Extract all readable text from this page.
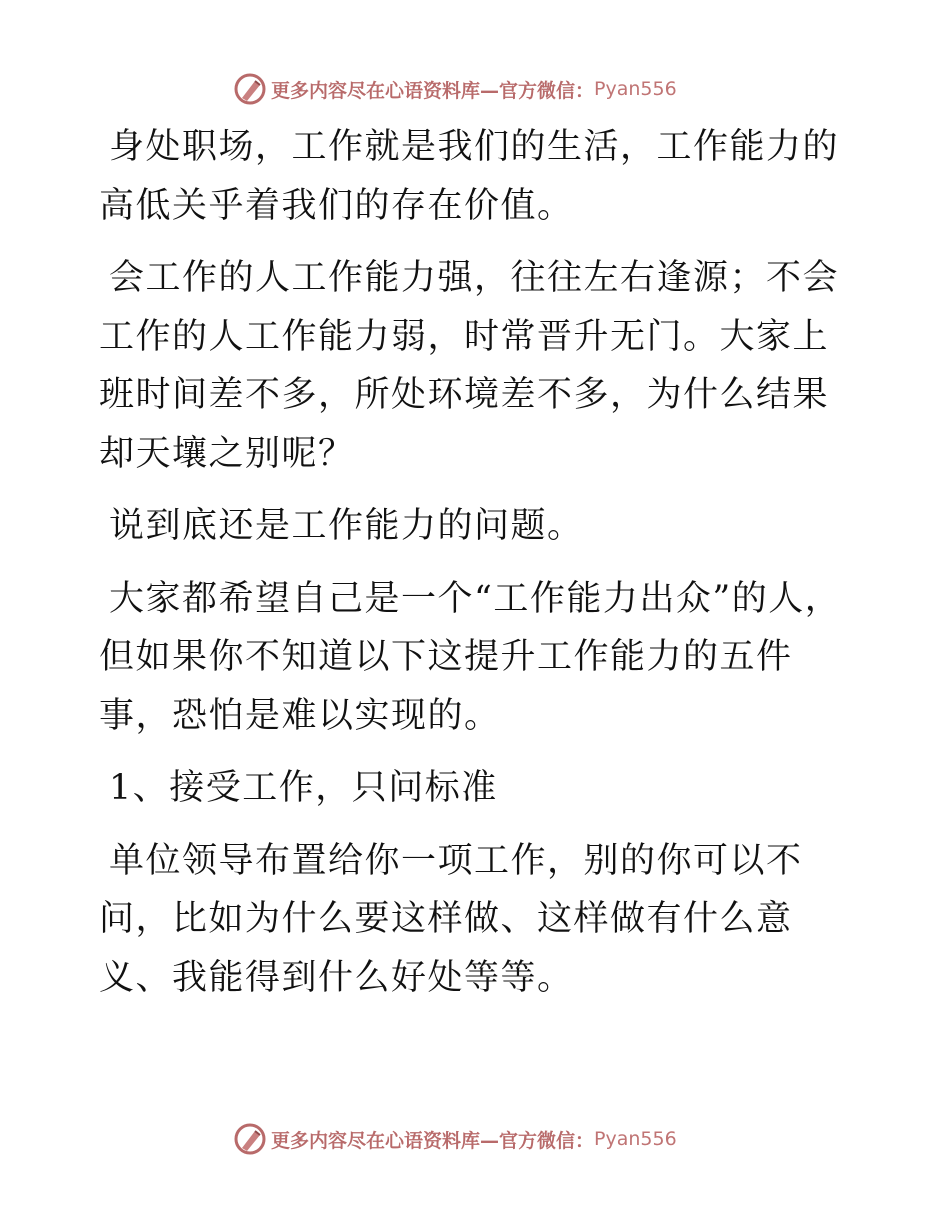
更多内容尽在心语资料库—官方微信： Pyan556

身处职场，工作就是我们的生活，工作能力的高低关乎着我们的存在价值。

会工作的人工作能力强，往往左右逢源；不会工作的人工作能力弱，时常晋升无门。大家上班时间差不多，所处环境差不多，为什么结果却天壤之别呢？

说到底还是工作能力的问题。

大家都希望自己是一个“工作能力出众”的人，但如果你不知道以下这提升工作能力的五件事，恐怕是难以实现的。

1、接受工作，只问标准

单位领导布置给你一项工作，别的你可以不问，比如为什么要这样做、这样做有什么意义、我能得到什么好处等等。

更多内容尽在心语资料库—官方微信： Pyan556
